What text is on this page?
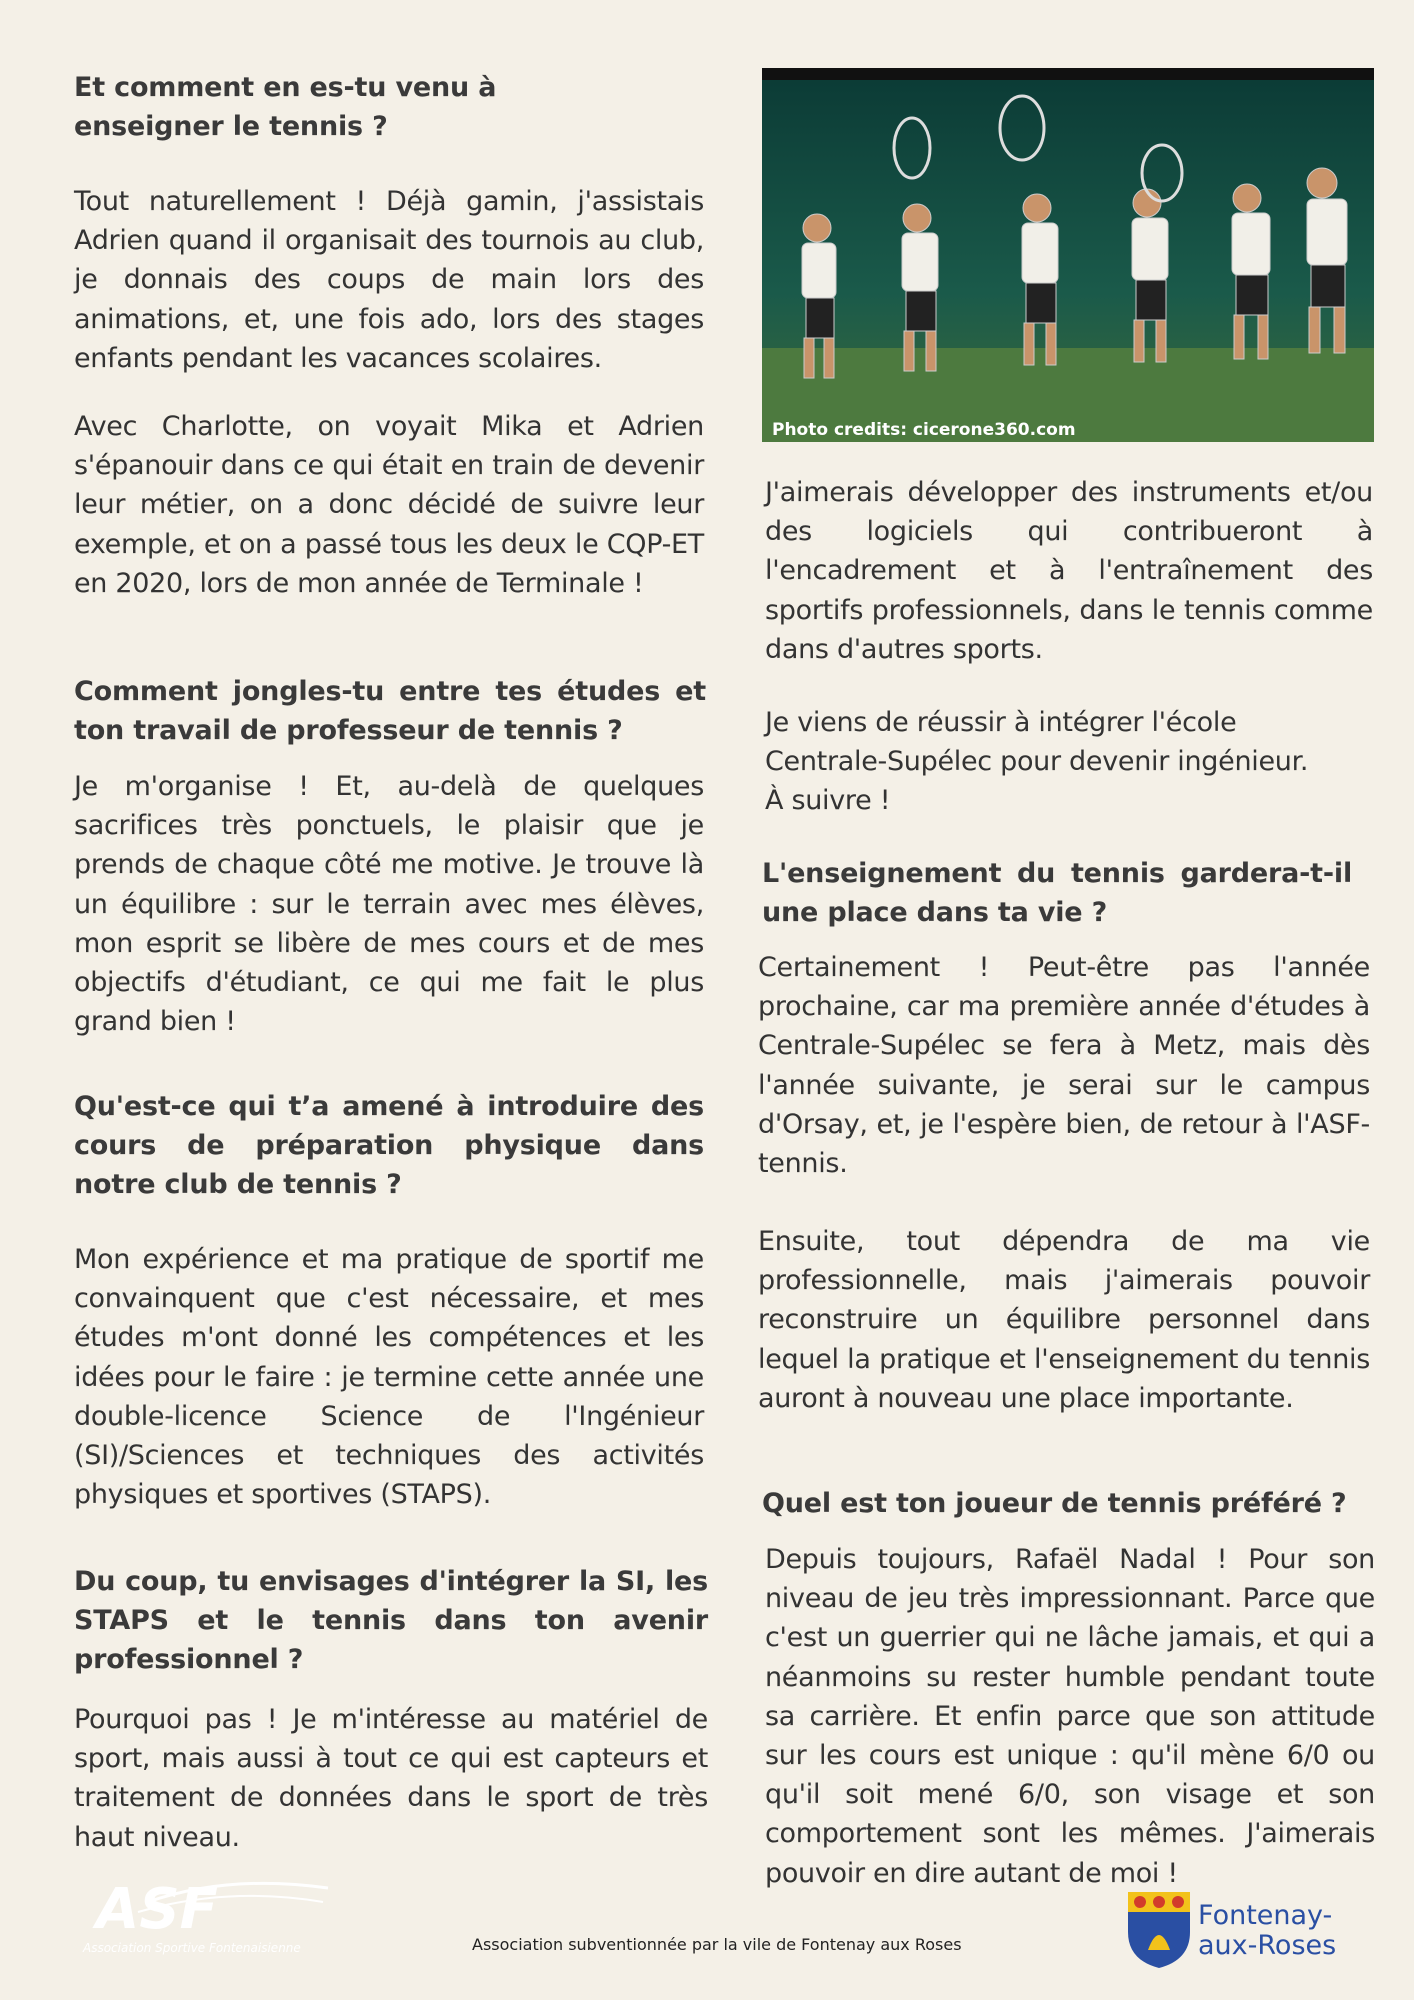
Et comment en es-tu venu à enseigner le tennis ?

Tout naturellement ! Déjà gamin, j'assistais Adrien quand il organisait des tournois au club, je donnais des coups de main lors des animations, et, une fois ado, lors des stages enfants pendant les vacances scolaires.

Avec Charlotte, on voyait Mika et Adrien s'épanouir dans ce qui était en train de devenir leur métier, on a donc décidé de suivre leur exemple, et on a passé tous les deux le CQP-ET en 2020, lors de mon année de Terminale !

Comment jongles-tu entre tes études et ton travail de professeur de tennis ?

Je m'organise ! Et, au-delà de quelques sacrifices très ponctuels, le plaisir que je prends de chaque côté me motive. Je trouve là un équilibre : sur le terrain avec mes élèves, mon esprit se libère de mes cours et de mes objectifs d'étudiant, ce qui me fait le plus grand bien !

Qu'est-ce qui t’a amené à introduire des cours de préparation physique dans notre club de tennis ?

Mon expérience et ma pratique de sportif me convainquent que c'est nécessaire, et mes études m'ont donné les compétences et les idées pour le faire : je termine cette année une double-licence Science de l'Ingénieur (SI)/Sciences et techniques des activités physiques et sportives (STAPS).

Du coup, tu envisages d'intégrer la SI, les STAPS et le tennis dans ton avenir professionnel ?

Pourquoi pas ! Je m'intéresse au matériel de sport, mais aussi à tout ce qui est capteurs et traitement de données dans le sport de très haut niveau.

Photo credits: cicerone360.com

J'aimerais développer des instruments et/ou des logiciels qui contribueront à l'encadrement et à l'entraînement des sportifs professionnels, dans le tennis comme dans d'autres sports.

Je viens de réussir à intégrer l'école

Centrale-Supélec pour devenir ingénieur.

À suivre !

L'enseignement du tennis gardera-t-il une place dans ta vie ?

Certainement ! Peut-être pas l'année prochaine, car ma première année d'études à Centrale-Supélec se fera à Metz, mais dès l'année suivante, je serai sur le campus d'Orsay, et, je l'espère bien, de retour à l'ASF-tennis.

Ensuite, tout dépendra de ma vie professionnelle, mais j'aimerais pouvoir reconstruire un équilibre personnel dans lequel la pratique et l'enseignement du tennis auront à nouveau une place importante.

Quel est ton joueur de tennis préféré ?

Depuis toujours, Rafaël Nadal ! Pour son niveau de jeu très impressionnant. Parce que c'est un guerrier qui ne lâche jamais, et qui a néanmoins su rester humble pendant toute sa carrière. Et enfin parce que son attitude sur les cours est unique : qu'il mène 6/0 ou qu'il soit mené 6/0, son visage et son comportement sont les mêmes. J'aimerais pouvoir en dire autant de moi !

ASF
Association Sportive Fontenaisienne	Association subventionnée par la vile de Fontenay aux Roses
Fontenay-
aux-Roses
